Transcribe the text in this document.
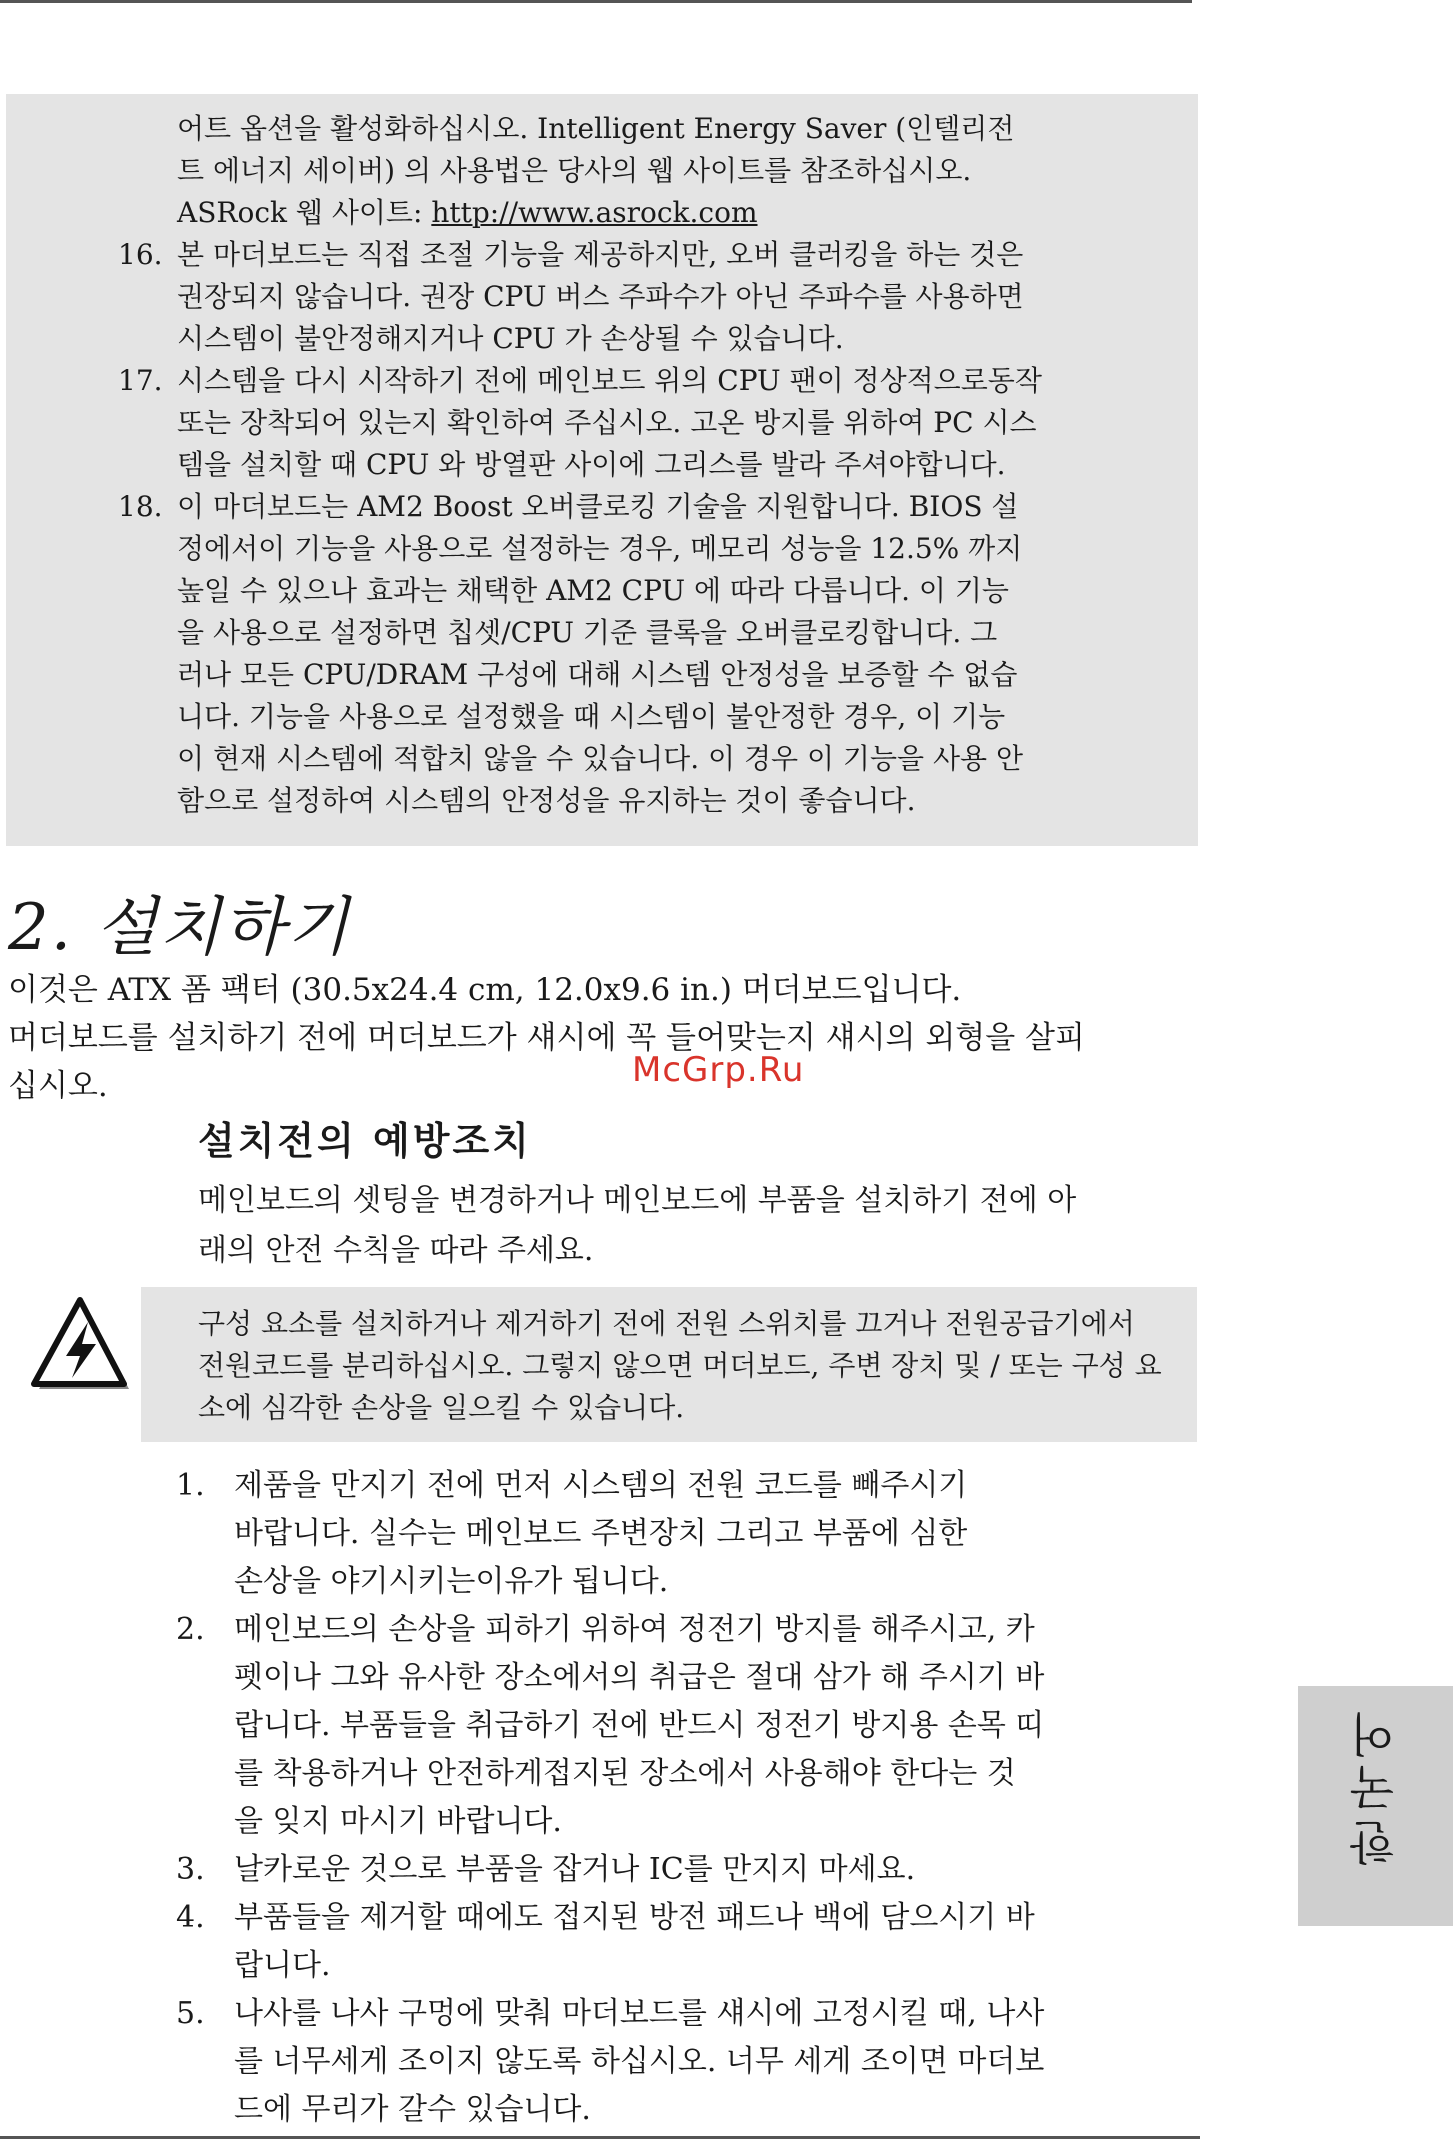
어트 옵션을 활성화하십시오. Intelligent Energy Saver (인텔리전
트 에너지 세이버) 의 사용법은 당사의 웹 사이트를 참조하십시오.
ASRock 웹 사이트: http://www.asrock.com
16. 본 마더보드는 직접 조절 기능을 제공하지만, 오버 클러킹을 하는 것은
권장되지 않습니다. 권장 CPU 버스 주파수가 아닌 주파수를 사용하면
시스템이 불안정해지거나 CPU 가 손상될 수 있습니다.
17. 시스템을 다시 시작하기 전에 메인보드 위의 CPU 팬이 정상적으로동작
또는 장착되어 있는지 확인하여 주십시오. 고온 방지를 위하여 PC 시스
템을 설치할 때 CPU 와 방열판 사이에 그리스를 발라 주셔야합니다.
18. 이 마더보드는 AM2 Boost 오버클로킹 기술을 지원합니다. BIOS 설
정에서이 기능을 사용으로 설정하는 경우, 메모리 성능을 12.5% 까지
높일 수 있으나 효과는 채택한 AM2 CPU 에 따라 다릅니다. 이 기능
을 사용으로 설정하면 칩셋/CPU 기준 클록을 오버클로킹합니다. 그
러나 모든 CPU/DRAM 구성에 대해 시스템 안정성을 보증할 수 없습
니다. 기능을 사용으로 설정했을 때 시스템이 불안정한 경우, 이 기능
이 현재 시스템에 적합치 않을 수 있습니다. 이 경우 이 기능을 사용 안
함으로 설정하여 시스템의 안정성을 유지하는 것이 좋습니다.
2. 설치하기
이것은 ATX 폼 팩터 (30.5x24.4 cm, 12.0x9.6 in.) 머더보드입니다.
머더보드를 설치하기 전에 머더보드가 섀시에 꼭 들어맞는지 섀시의 외형을 살피
십시오.	McGrp.Ru
설치전의 예방조치
메인보드의 셋팅을 변경하거나 메인보드에 부품을 설치하기 전에 아
래의 안전 수칙을 따라 주세요.
구성 요소를 설치하거나 제거하기 전에 전원 스위치를 끄거나 전원공급기에서
전원코드를 분리하십시오. 그렇지 않으면 머더보드, 주변 장치 및 / 또는 구성 요
소에 심각한 손상을 일으킬 수 있습니다.
1. 제품을 만지기 전에 먼저 시스템의 전원 코드를 빼주시기
바랍니다. 실수는 메인보드 주변장치 그리고 부품에 심한
손상을 야기시키는이유가 됩니다.
2. 메인보드의 손상을 피하기 위하여 정전기 방지를 해주시고, 카
펫이나 그와 유사한 장소에서의 취급은 절대 삼가 해 주시기 바
랍니다. 부품들을 취급하기 전에 반드시 정전기 방지용 손목 띠
를 착용하거나 안전하게접지된 장소에서 사용해야 한다는 것
을 잊지 마시기 바랍니다.
3. 날카로운 것으로 부품을 잡거나 IC를 만지지 마세요.
4. 부품들을 제거할 때에도 접지된 방전 패드나 백에 담으시기 바
랍니다.
5. 나사를 나사 구멍에 맞춰 마더보드를 섀시에 고정시킬 때, 나사
를 너무세게 조이지 않도록 하십시오. 너무 세게 조이면 마더보
드에 무리가 갈수 있습니다.
한국어
